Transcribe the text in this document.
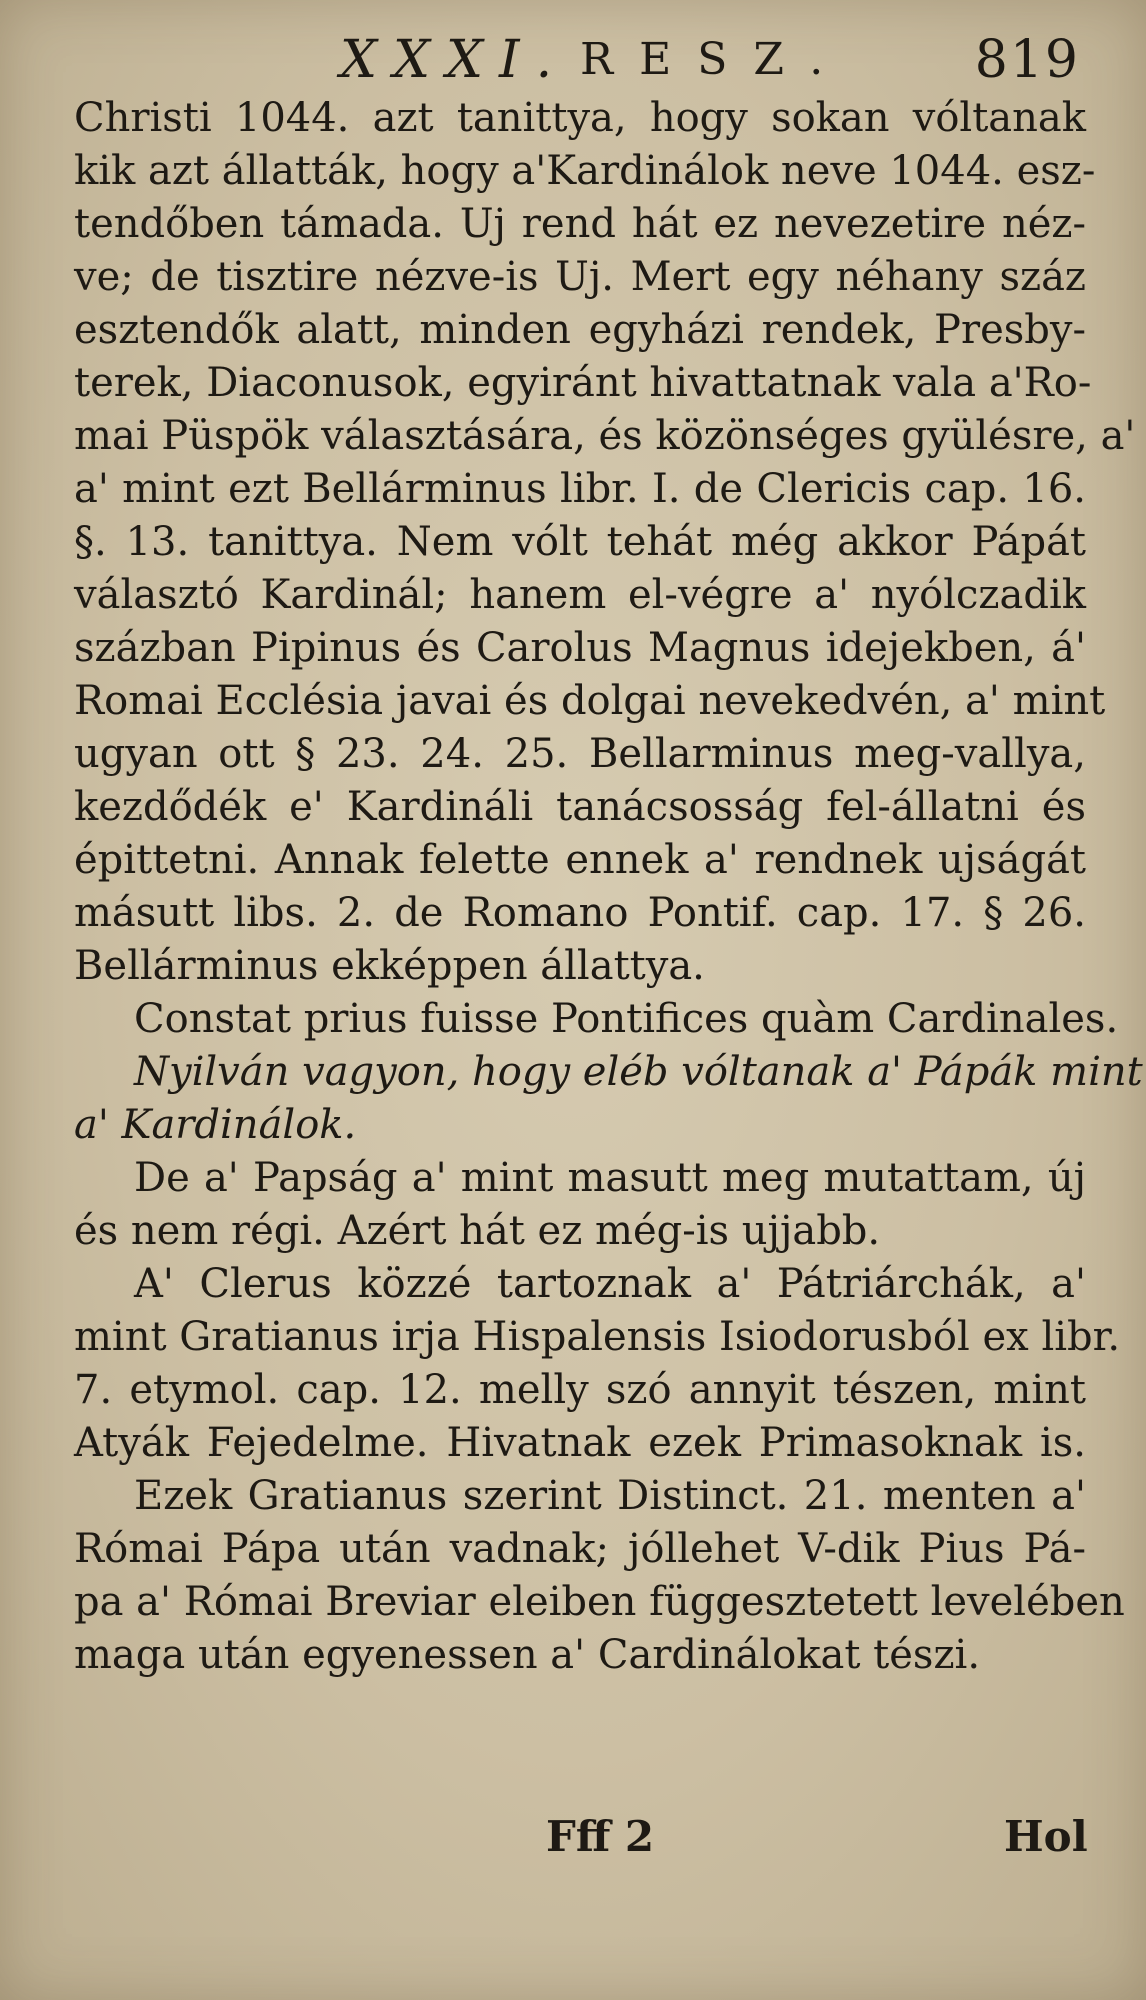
XXXI. RESZ. 819
Christi 1044. azt tanittya, hogy sokan vóltanak
kik azt állatták, hogy a'Kardinálok neve 1044. esz-
tendőben támada. Uj rend hát ez nevezetire néz-
ve; de tisztire nézve-is Uj. Mert egy néhany száz
esztendők alatt, minden egyházi rendek, Presby-
terek, Diaconusok, egyiránt hivattatnak vala a'Ro-
mai Püspök választására, és közönséges gyülésre, a'
a' mint ezt Bellárminus libr. I. de Clericis cap. 16.
§. 13. tanittya. Nem vólt tehát még akkor Pápát
választó Kardinál; hanem el-végre a' nyólczadik
százban Pipinus és Carolus Magnus idejekben, á'
Romai Ecclésia javai és dolgai nevekedvén, a' mint
ugyan ott § 23. 24. 25. Bellarminus meg-vallya,
kezdődék e' Kardináli tanácsosság fel-állatni és
épittetni. Annak felette ennek a' rendnek ujságát
másutt libs. 2. de Romano Pontif. cap. 17. § 26.
Bellárminus ekképpen állattya.
Constat prius fuisse Pontifices quàm Cardinales.
Nyilván vagyon, hogy eléb vóltanak a' Pápák mint
a' Kardinálok.
De a' Papság a' mint masutt meg mutattam, új
és nem régi. Azért hát ez még-is ujjabb.
A' Clerus közzé tartoznak a' Pátriárchák, a'
mint Gratianus irja Hispalensis Isiodorusból ex libr.
7. etymol. cap. 12. melly szó annyit tészen, mint
Atyák Fejedelme. Hivatnak ezek Primasoknak is.
Ezek Gratianus szerint Distinct. 21. menten a'
Római Pápa után vadnak; jóllehet V-dik Pius Pá-
pa a' Római Breviar eleiben függesztetett levelében
maga után egyenessen a' Cardinálokat tészi.
Fff 2	Hol
